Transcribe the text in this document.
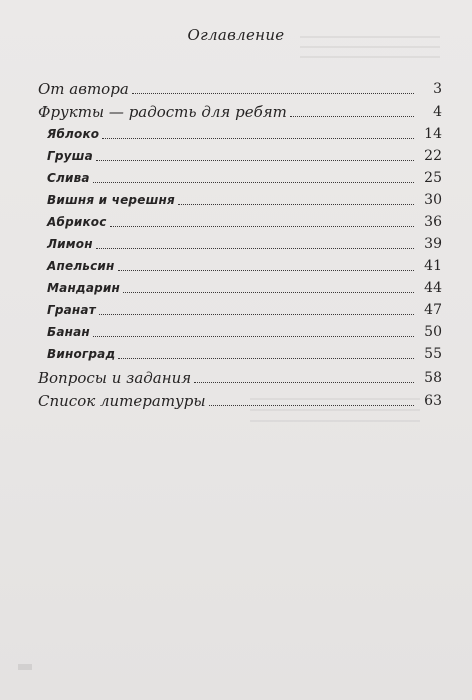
Оглавление
От автора	3
Фрукты — радость для ребят	4
Яблоко	14
Груша	22
Слива	25
Вишня и черешня	30
Абрикос	36
Лимон	39
Апельсин	41
Мандарин	44
Гранат	47
Банан	50
Виноград	55
Вопросы и задания	58
Список литературы	63
